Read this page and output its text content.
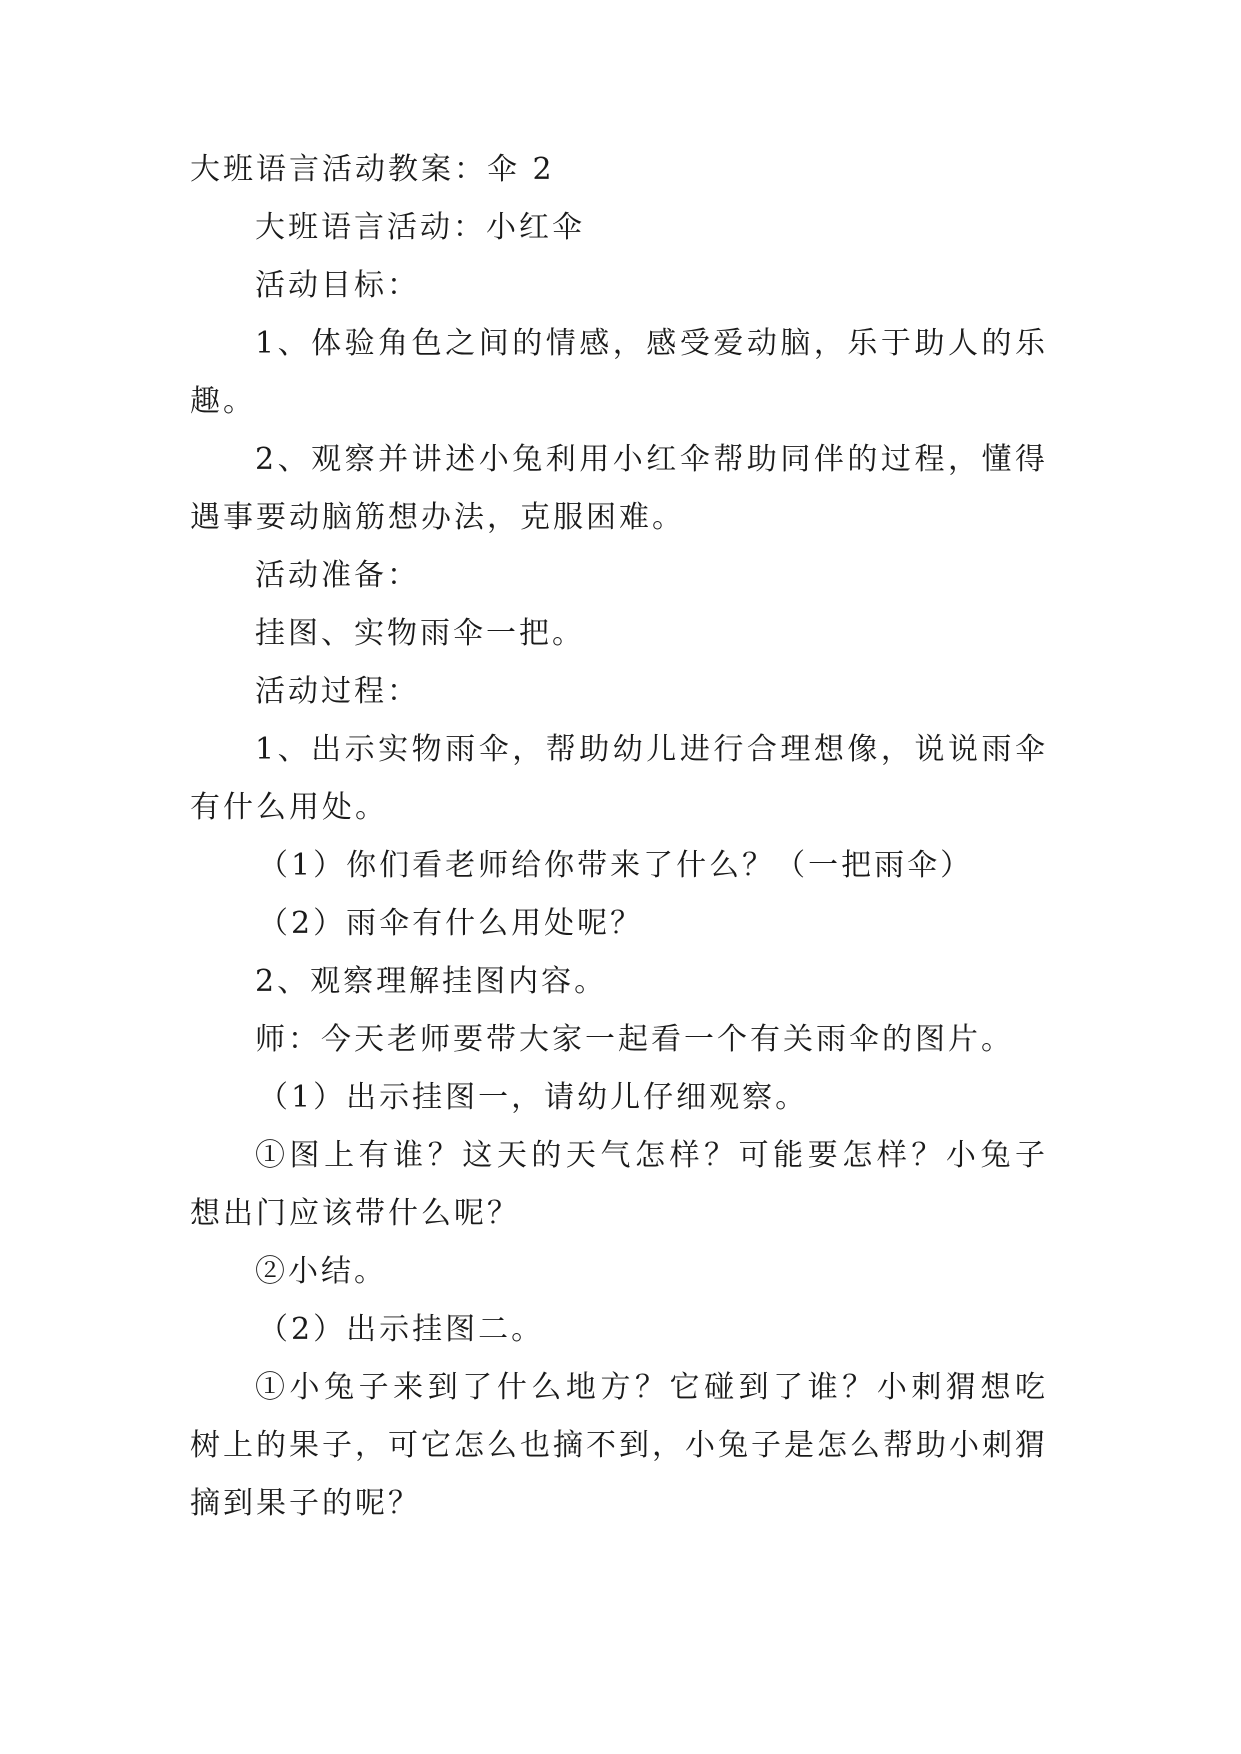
大班语言活动教案：伞 2
大班语言活动：小红伞
活动目标：
1、体验角色之间的情感，感受爱动脑，乐于助人的乐
趣。
2、观察并讲述小兔利用小红伞帮助同伴的过程，懂得
遇事要动脑筋想办法，克服困难。
活动准备：
挂图、实物雨伞一把。
活动过程：
1、出示实物雨伞，帮助幼儿进行合理想像，说说雨伞
有什么用处。
（1）你们看老师给你带来了什么？（一把雨伞）
（2）雨伞有什么用处呢？
2、观察理解挂图内容。
师：今天老师要带大家一起看一个有关雨伞的图片。
（1）出示挂图一，请幼儿仔细观察。
①图上有谁？这天的天气怎样？可能要怎样？小兔子
想出门应该带什么呢？
②小结。
（2）出示挂图二。
①小兔子来到了什么地方？它碰到了谁？小刺猬想吃
树上的果子，可它怎么也摘不到，小兔子是怎么帮助小刺猬
摘到果子的呢？
